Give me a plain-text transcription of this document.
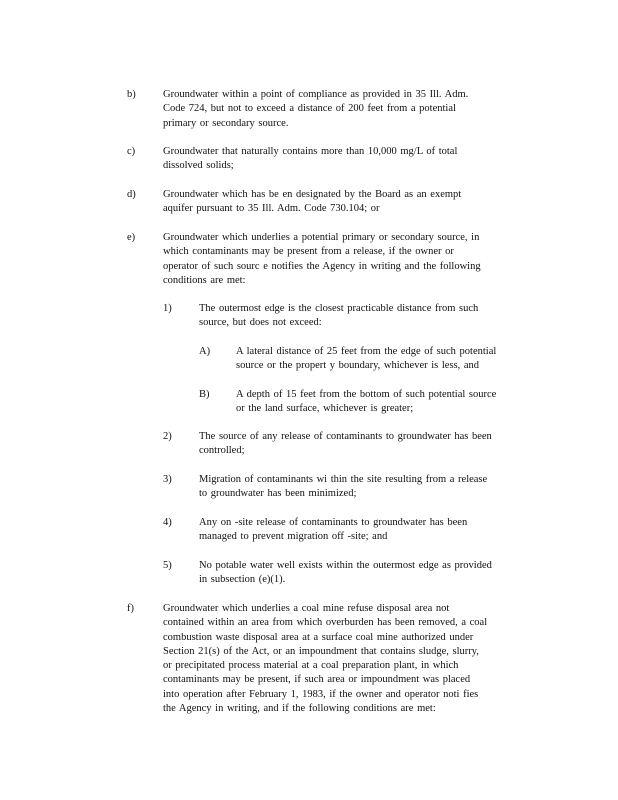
b)	Groundwater within a point of compliance as provided in 35 Ill. Adm.
Code 724, but not to exceed a distance of 200 feet from a potential
primary or secondary source.
c)	Groundwater that naturally contains more than 10,000 mg/L of total
dissolved solids;
d)	Groundwater which has be en designated by the Board as an exempt
aquifer pursuant to 35 Ill. Adm. Code 730.104; or
e)	Groundwater which underlies a potential primary or secondary source, in
which contaminants may be present from a release, if the owner or
operator of such sourc e notifies the Agency in writing and the following
conditions are met:
1)	The outermost edge is the closest practicable distance from such
source, but does not exceed:
A) A lateral distance of 25 feet from the edge of such potential
source or the propert y boundary, whichever is less, and
B)	A depth of 15 feet from the bottom of such potential source
or the land surface, whichever is greater;
2)	The source of any release of contaminants to groundwater has been
controlled;
3)	Migration of contaminants wi thin the site resulting from a release
to groundwater has been minimized;
4)	Any on -site release of contaminants to groundwater has been
managed to prevent migration off -site; and
5)	No potable water well exists within the outermost edge as provided
in subsection (e)(1).
f)	Groundwater which underlies a coal mine refuse disposal area not
contained within an area from which overburden has been removed, a coal
combustion waste disposal area at a surface coal mine authorized under
Section 21(s) of the Act, or an impoundment that contains sludge, slurry,
or precipitated process material at a coal preparation plant, in which
contaminants may be present, if such area or impoundment was placed
into operation after February 1, 1983, if the owner and operator noti fies
the Agency in writing, and if the following conditions are met:
